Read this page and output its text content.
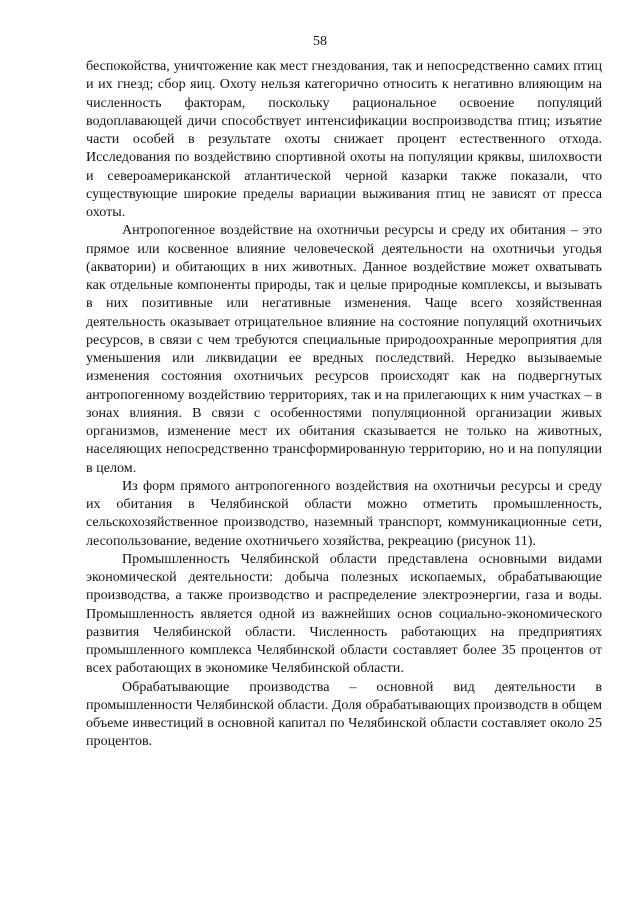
58

беспокойства, уничтожение как мест гнездования, так и непосредственно самих птиц и их гнезд; сбор яиц. Охоту нельзя категорично относить к негативно влияющим на численность факторам, поскольку рациональное освоение популяций водоплавающей дичи способствует интенсификации воспроизводства птиц; изъятие части особей в результате охоты снижает процент естественного отхода. Исследования по воздействию спортивной охоты на популяции кряквы, шилохвости и североамериканской атлантической черной казарки также показали, что существующие широкие пределы вариации выживания птиц не зависят от пресса охоты.

Антропогенное воздействие на охотничьи ресурсы и среду их обитания – это прямое или косвенное влияние человеческой деятельности на охотничьи угодья (акватории) и обитающих в них животных. Данное воздействие может охватывать как отдельные компоненты природы, так и целые природные комплексы, и вызывать в них позитивные или негативные изменения. Чаще всего хозяйственная деятельность оказывает отрицательное влияние на состояние популяций охотничьих ресурсов, в связи с чем требуются специальные природоохранные мероприятия для уменьшения или ликвидации ее вредных последствий. Нередко вызываемые изменения состояния охотничьих ресурсов происходят как на подвергнутых антропогенному воздействию территориях, так и на прилегающих к ним участках – в зонах влияния. В связи с особенностями популяционной организации живых организмов, изменение мест их обитания сказывается не только на животных, населяющих непосредственно трансформированную территорию, но и на популяции в целом.

Из форм прямого антропогенного воздействия на охотничьи ресурсы и среду их обитания в Челябинской области можно отметить промышленность, сельскохозяйственное производство, наземный транспорт, коммуникационные сети, лесопользование, ведение охотничьего хозяйства, рекреацию (рисунок 11).

Промышленность Челябинской области представлена основными видами экономической деятельности: добыча полезных ископаемых, обрабатывающие производства, а также производство и распределение электроэнергии, газа и воды. Промышленность является одной из важнейших основ социально-экономического развития Челябинской области. Численность работающих на предприятиях промышленного комплекса Челябинской области составляет более 35 процентов от всех работающих в экономике Челябинской области.

Обрабатывающие производства – основной вид деятельности в промышленности Челябинской области. Доля обрабатывающих производств в общем объеме инвестиций в основной капитал по Челябинской области составляет около 25 процентов.
